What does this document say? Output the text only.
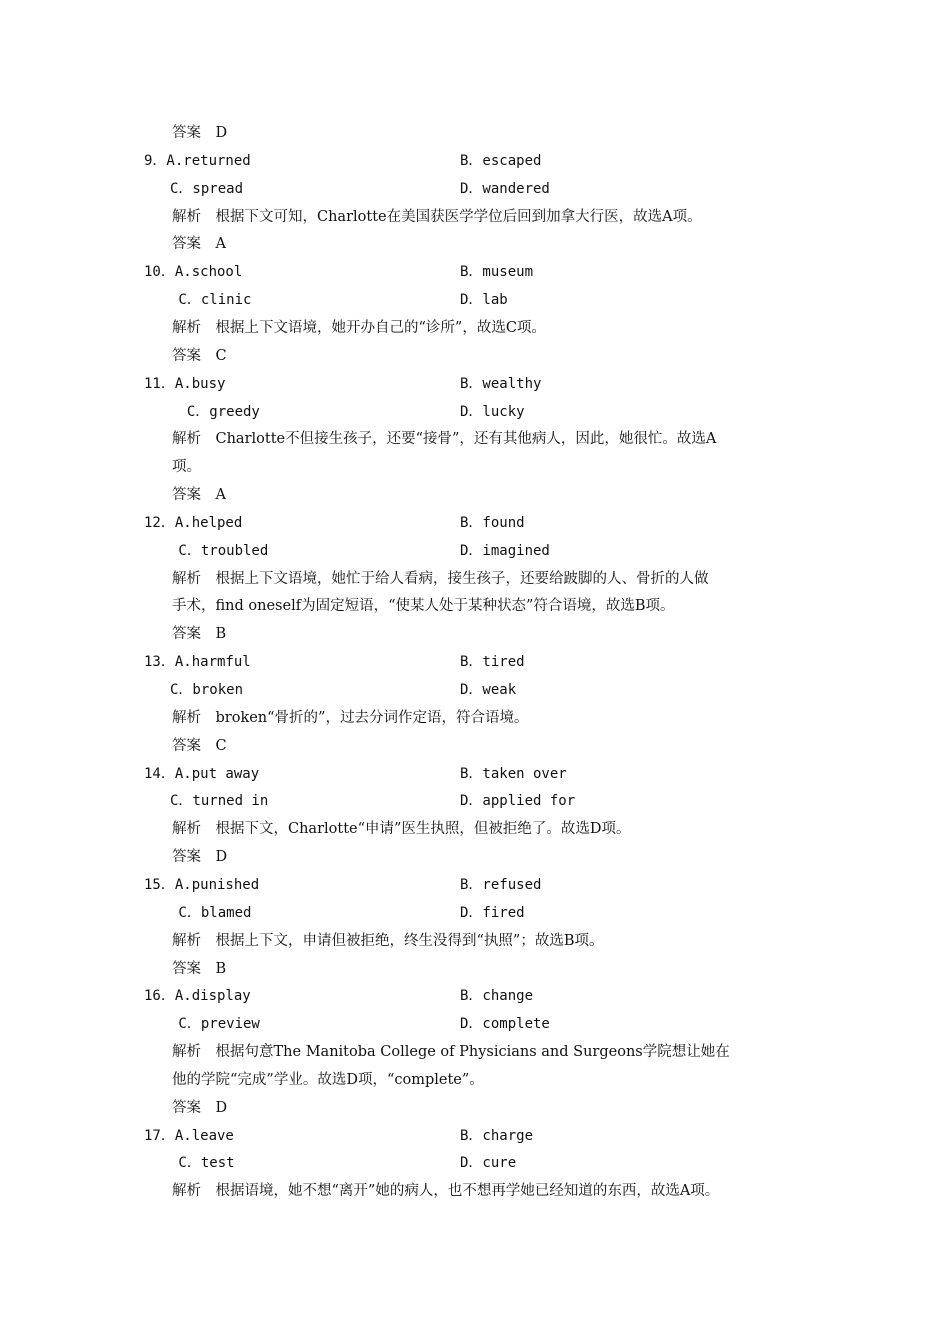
答案　D
9．A.returned	B．escaped
C．spread	D．wandered
解析　根据下文可知，Charlotte在美国获医学学位后回到加拿大行医，故选A项。
答案　A
10．A.school	B．museum
C．clinic	D．lab
解析　根据上下文语境，她开办自己的“诊所”，故选C项。
答案　C
11．A.busy	B．wealthy
C．greedy	D．lucky
解析　Charlotte不但接生孩子，还要“接骨”，还有其他病人，因此，她很忙。故选A
项。
答案　A
12．A.helped	B．found
C．troubled	D．imagined
解析　根据上下文语境，她忙于给人看病，接生孩子，还要给跛脚的人、骨折的人做
手术，find oneself为固定短语，“使某人处于某种状态”符合语境，故选B项。
答案　B
13．A.harmful	B．tired
C．broken	D．weak
解析　broken“骨折的”，过去分词作定语，符合语境。
答案　C
14．A.put away	B．taken over
C．turned in	D．applied for
解析　根据下文，Charlotte“申请”医生执照，但被拒绝了。故选D项。
答案　D
15．A.punished	B．refused
C．blamed	D．fired
解析　根据上下文，申请但被拒绝，终生没得到“执照”；故选B项。
答案　B
16．A.display	B．change
C．preview	D．complete
解析　根据句意The Manitoba College of Physicians and Surgeons学院想让她在
他的学院“完成”学业。故选D项，“complete”。
答案　D
17．A.leave	B．charge
C．test	D．cure
解析　根据语境，她不想“离开”她的病人，也不想再学她已经知道的东西，故选A项。
